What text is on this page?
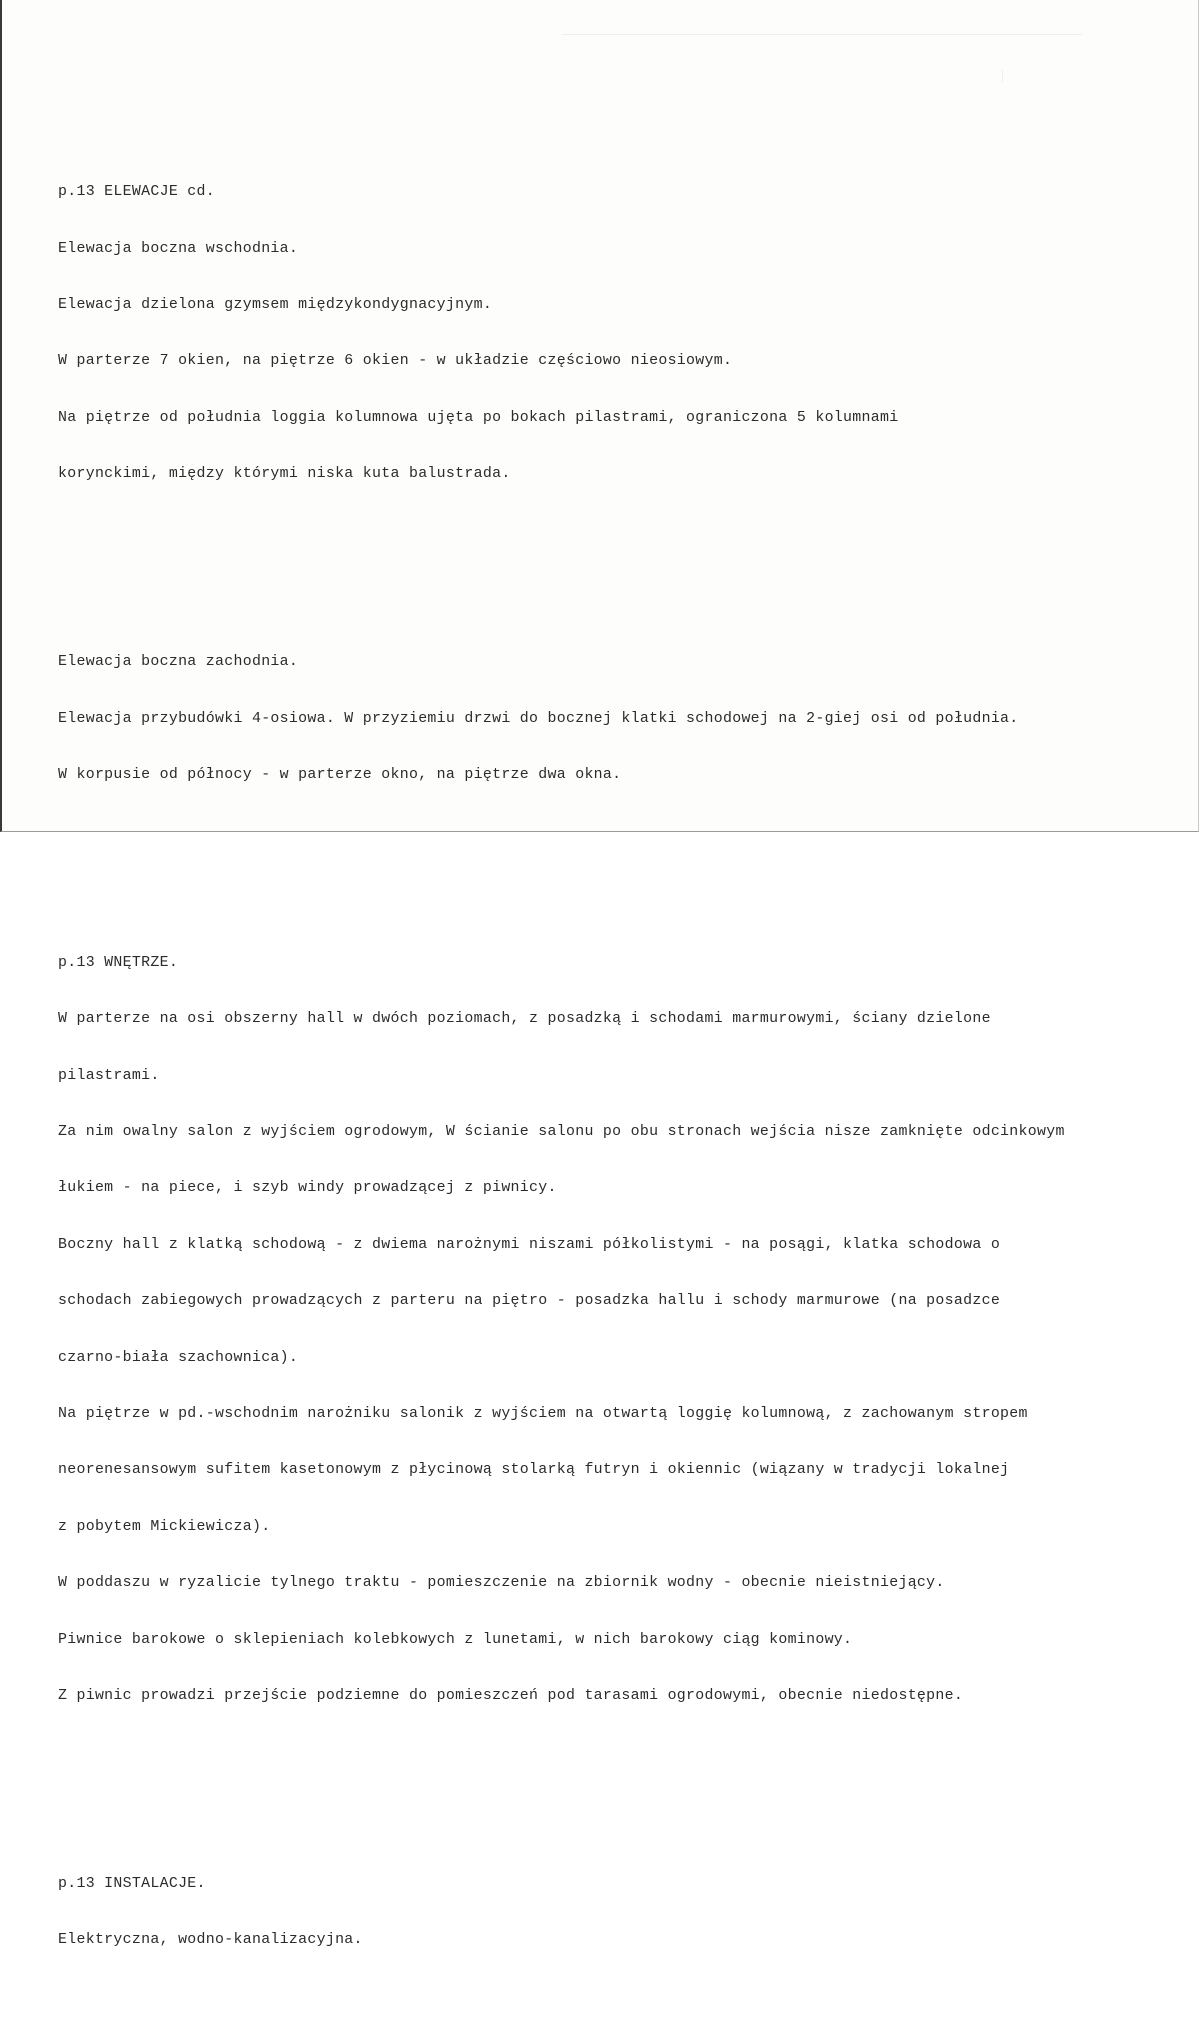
p.13 ELEWACJE cd.

Elewacja boczna wschodnia.

Elewacja dzielona gzymsem międzykondygnacyjnym.

W parterze 7 okien, na piętrze 6 okien - w układzie częściowo nieosiowym.

Na piętrze od południa loggia kolumnowa ujęta po bokach pilastrami, ograniczona 5 kolumnami

korynckimi, między którymi niska kuta balustrada.

Elewacja boczna zachodnia.

Elewacja przybudówki 4-osiowa. W przyziemiu drzwi do bocznej klatki schodowej na 2-giej osi od południa.

W korpusie od północy - w parterze okno, na piętrze dwa okna.

p.13 WNĘTRZE.

W parterze na osi obszerny hall w dwóch poziomach, z posadzką i schodami marmurowymi, ściany dzielone

pilastrami.

Za nim owalny salon z wyjściem ogrodowym, W ścianie salonu po obu stronach wejścia nisze zamknięte odcinkowym

łukiem - na piece, i szyb windy prowadzącej z piwnicy.

Boczny hall z klatką schodową - z dwiema narożnymi niszami półkolistymi - na posągi, klatka schodowa o

schodach zabiegowych prowadzących z parteru na piętro - posadzka hallu i schody marmurowe (na posadzce

czarno-biała szachownica).

Na piętrze w pd.-wschodnim narożniku salonik z wyjściem na otwartą loggię kolumnową, z zachowanym stropem

neorenesansowym sufitem kasetonowym z płycinową stolarką futryn i okiennic (wiązany w tradycji lokalnej

z pobytem Mickiewicza).

W poddaszu w ryzalicie tylnego traktu - pomieszczenie na zbiornik wodny - obecnie nieistniejący.

Piwnice barokowe o sklepieniach kolebkowych z lunetami, w nich barokowy ciąg kominowy.

Z piwnic prowadzi przejście podziemne do pomieszczeń pod tarasami ogrodowymi, obecnie niedostępne.

p.13 INSTALACJE.

Elektryczna, wodno-kanalizacyjna.
